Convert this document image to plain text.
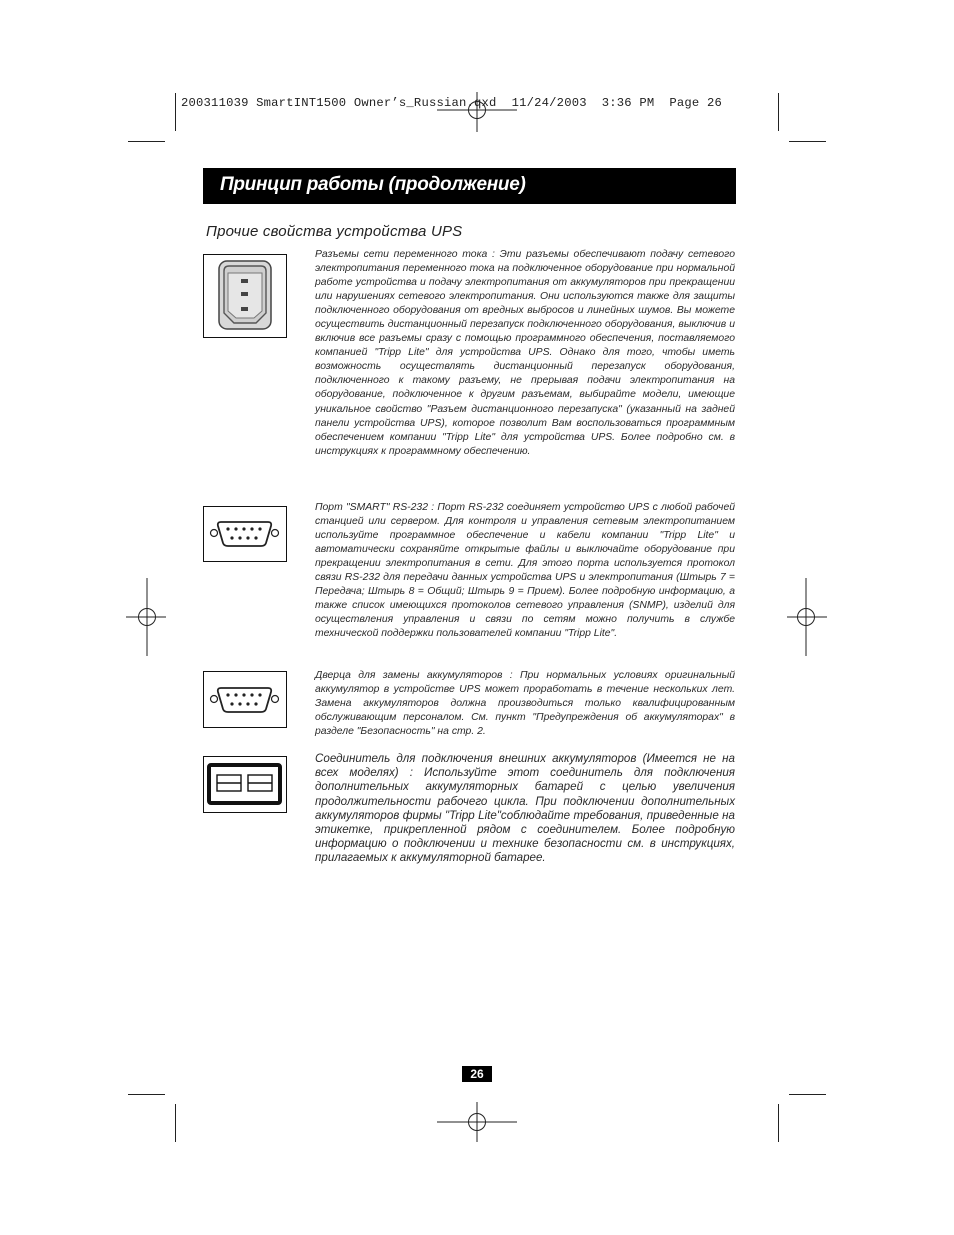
200311039 SmartINT1500 Owner’s_Russian.qxd  11/24/2003  3:36 PM  Page 26
Принцип работы (продолжение)
Прочие свойства устройства UPS

Разъемы сети переменного тока : Эти разъемы обеспечивают подачу сетевого электропитания переменного тока на подключенное оборудование при нормальной работе устройства и подачу электропитания от аккумуляторов при прекращении или нарушениях сетевого электропитания. Они используются также для защиты подключенного оборудования от вредных выбросов и линейных шумов. Вы можете осуществить дистанционный перезапуск подключенного оборудования, выключив и включив все разъемы сразу с помощью программного обеспечения, поставляемого компанией "Tripp Lite" для устройства UPS. Однако для того, чтобы иметь возможность осуществлять дистанционный перезапуск оборудования, подключенного к такому разъему, не прерывая подачи электропитания на оборудование, подключенное к другим разъемам, выбирайте модели, имеющие уникальное свойство "Разъем дистанционного перезапуска" (указанный на задней панели устройства UPS), которое позволит Вам воспользоваться программным обеспечением компании "Tripp Lite" для устройства UPS. Более подробно см. в инструкциях к программному обеспечению.

Порт "SMART" RS-232 : Порт RS-232 соединяет устройство UPS с любой рабочей станцией или сервером. Для контроля и управления сетевым электропитанием используйте программное обеспечение и кабели компании "Tripp Lite" и автоматически сохраняйте открытые файлы и выключайте оборудование при прекращении электропитания в сети. Для этого порта используется протокол связи RS-232 для передачи данных устройства UPS и электропитания (Штырь 7 = Передача; Штырь 8 = Общий; Штырь 9 = Прием). Более подробную информацию, а также список имеющихся протоколов сетевого управления (SNMP), изделий для осуществления управления и связи по сетям можно получить в службе технической поддержки пользователей компании "Tripp Lite".

Дверца для замены аккумуляторов : При нормальных условиях оригинальный аккумулятор в устройстве UPS может проработать в течение нескольких лет. Замена аккумуляторов должна производиться только квалифицированным обслуживающим персоналом. См. пункт "Предупреждения об аккумуляторах" в разделе "Безопасность" на стр. 2.

Соединитель для подключения внешних аккумуляторов (Имеется не на всех моделях) : Используйте этот соединитель для подключения дополнительных аккумуляторных батарей с целью увеличения продолжительности рабочего цикла. При подключении дополнительных аккумуляторов фирмы "Tripp Lite"соблюдайте требования, приведенные на этикетке, прикрепленной рядом с соединителем. Более подробную информацию о подключении и технике безопасности см. в инструкциях, прилагаемых к аккумуляторной батарее.

26
